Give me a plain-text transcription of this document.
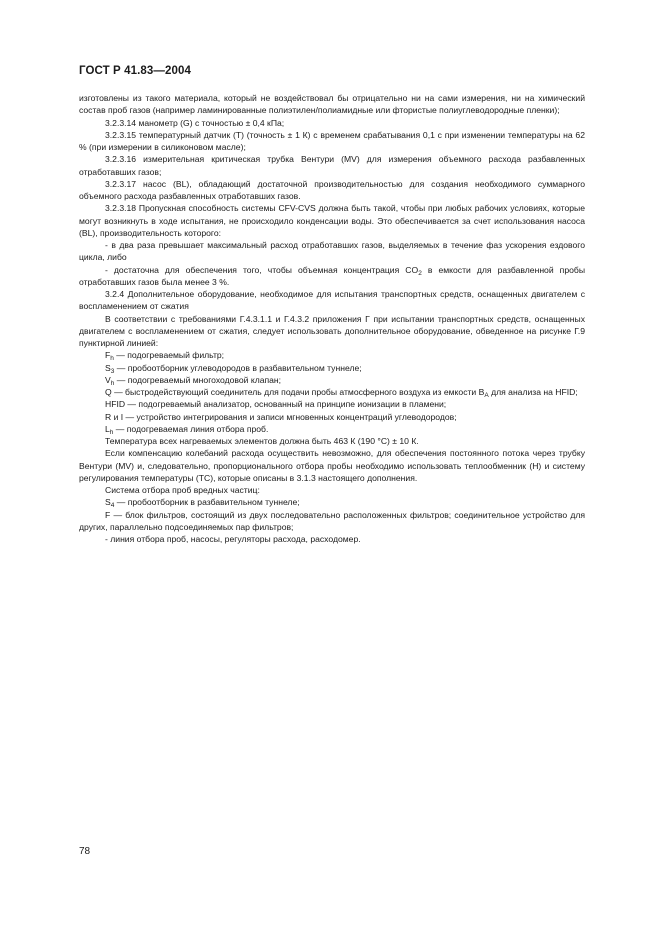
ГОСТ Р 41.83—2004

изготовлены из такого материала, который не воздействовал бы отрицательно ни на сами измерения, ни на химический состав проб газов (например ламинированные полиэтилен/полиамидные или фтористые полиуглеводородные пленки);

3.2.3.14 манометр (G) с точностью ± 0,4 кПа;

3.2.3.15 температурный датчик (Т) (точность ± 1 К) с временем срабатывания 0,1 с при изменении температуры на 62 % (при измерении в силиконовом масле);

3.2.3.16 измерительная критическая трубка Вентури (MV) для измерения объемного расхода разбавленных отработавших газов;

3.2.3.17 насос (BL), обладающий достаточной производительностью для создания необходимого суммарного объемного расхода разбавленных отработавших газов.

3.2.3.18 Пропускная способность системы CFV-CVS должна быть такой, чтобы при любых рабочих условиях, которые могут возникнуть в ходе испытания, не происходило конденсации воды. Это обеспечивается за счет использования насоса (BL), производительность которого:

- в два раза превышает максимальный расход отработавших газов, выделяемых в течение фаз ускорения ездового цикла, либо

- достаточна для обеспечения того, чтобы объемная концентрация $CO_2$ в емкости для разбавленной пробы отработавших газов была менее 3 %.

3.2.4 Дополнительное оборудование, необходимое для испытания транспортных средств, оснащенных двигателем с воспламенением от сжатия

В соответствии с требованиями Г.4.3.1.1 и Г.4.3.2 приложения Г при испытании транспортных средств, оснащенных двигателем с воспламенением от сжатия, следует использовать дополнительное оборудование, обведенное на рисунке Г.9 пунктирной линией:

$F_h$ — подогреваемый фильтр;

$S_3$ — пробоотборник углеводородов в разбавительном туннеле;

$V_h$ — подогреваемый многоходовой клапан;

Q — быстродействующий соединитель для подачи пробы атмосферного воздуха из емкости $B_A$ для анализа на HFID;

HFID — подогреваемый анализатор, основанный на принципе ионизации в пламени;

R и I — устройство интегрирования и записи мгновенных концентраций углеводородов;

$L_h$ — подогреваемая линия отбора проб.

Температура всех нагреваемых элементов должна быть 463 К (190 °С) ± 10 К.

Если компенсацию колебаний расхода осуществить невозможно, для обеспечения постоянного потока через трубку Вентури (MV) и, следовательно, пропорционального отбора пробы необходимо использовать теплообменник (Н) и систему регулирования температуры (ТС), которые описаны в 3.1.3 настоящего дополнения.

Система отбора проб вредных частиц:

$S_4$ — пробоотборник в разбавительном туннеле;

F — блок фильтров, состоящий из двух последовательно расположенных фильтров; соединительное устройство для других, параллельно подсоединяемых пар фильтров;

- линия отбора проб, насосы, регуляторы расхода, расходомер.

78
